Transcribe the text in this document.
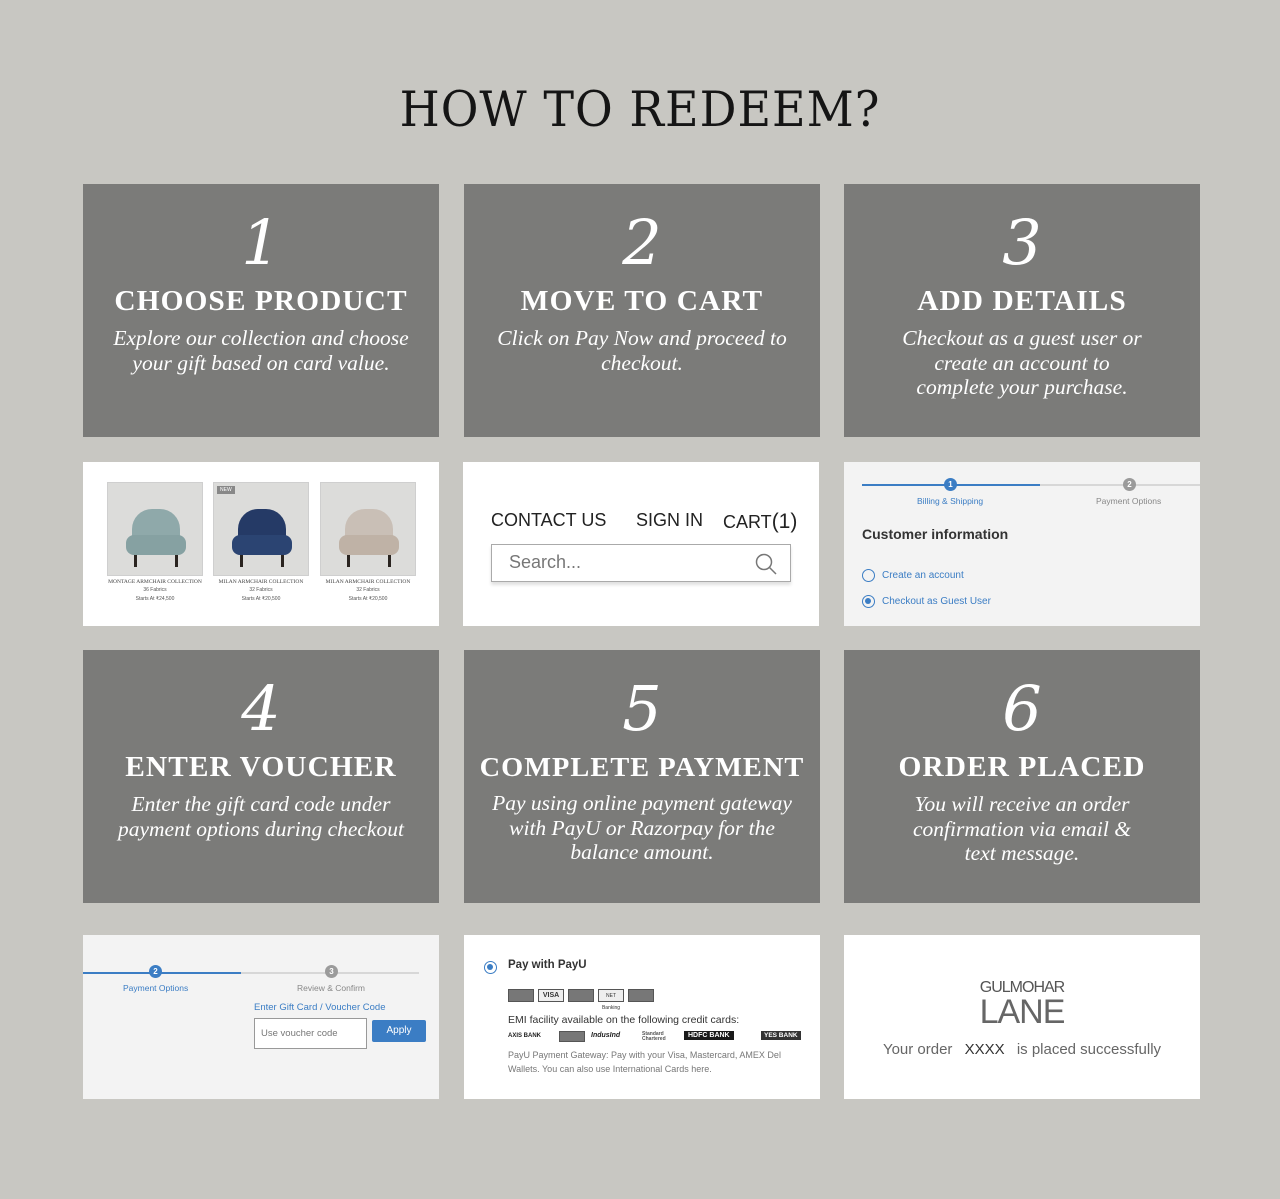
HOW TO REDEEM?
1
CHOOSE PRODUCT
Explore our collection and choose your gift based on card value.
2
MOVE TO CART
Click on Pay Now and proceed to checkout.
3
ADD DETAILS
Checkout as a guest user or create an account to complete your purchase.
MONTAGE ARMCHAIR COLLECTION
36 Fabrics
Starts At ₹24,500
NEW
MILAN ARMCHAIR COLLECTION
32 Fabrics
Starts At ₹20,500
MILAN ARMCHAIR COLLECTION
32 Fabrics
Starts At ₹20,500
CONTACT US SIGN IN CART(1)
Search...
1	2
Billing & Shipping	Payment Options
Customer information
Create an account
Checkout as Guest User
4
ENTER VOUCHER
Enter the gift card code under payment options during checkout
5
COMPLETE PAYMENT
Pay using online payment gateway with PayU or Razorpay for the balance amount.
6
ORDER PLACED
You will receive an order confirmation via email & text message.
2	3
Payment Options	Review & Confirm
Enter Gift Card / Voucher Code
Use voucher code	Apply
Pay with PayU
VISA	NET Banking
EMI facility available on the following credit cards:
AXIS BANK	IndusInd	Standard Chartered	HDFC BANK	YES BANK
PayU Payment Gateway: Pay with your Visa, Mastercard, AMEX Del Wallets. You can also use International Cards here.
GULMOHAR
LANE
Your order XXXX is placed successfully
